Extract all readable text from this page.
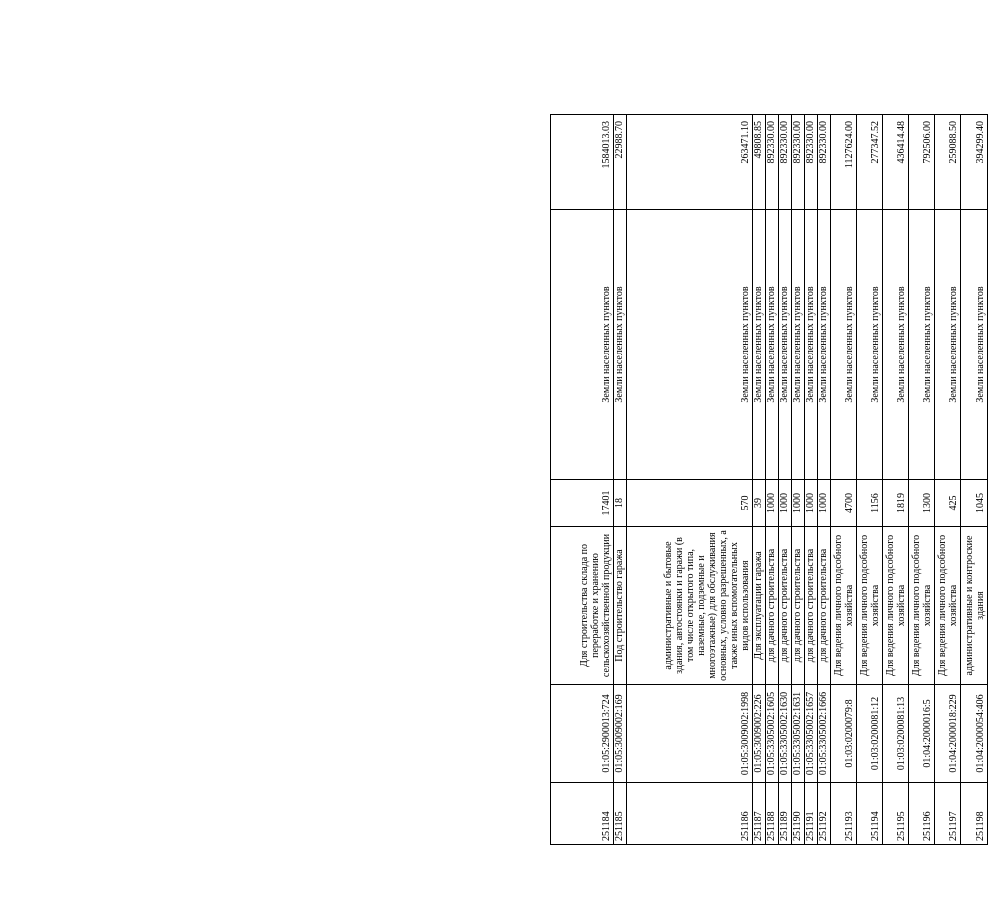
251184	01:05:2900013:724	Для строительства склада по переработке и хранению сельскохозяйственной продукции	17401	Земли населенных пунктов	1584013.03
251185	01:05:3009002:169	Под строительство гаража	18	Земли населенных пунктов	22988.70
251186	01:05:3009002:1998	административные и бытовые здания, автостоянки и гаражи (в том числе открытого типа, наземные, подземные и многоэтажные) для обслуживания основных, условно разрешенных, а также иных вспомогательных видов использования	570	Земли населенных пунктов	263471.10
251187	01:05:3009002:226	Для эксплуатации гаража	39	Земли населенных пунктов	49808.85
251188	01:05:3305002:1605	для дачного строительства	1000	Земли населенных пунктов	892330.00
251189	01:05:3305002:1630	для дачного строительства	1000	Земли населенных пунктов	892330.00
251190	01:05:3305002:1631	для дачного строительства	1000	Земли населенных пунктов	892330.00
251191	01:05:3305002:1657	для дачного строительства	1000	Земли населенных пунктов	892330.00
251192	01:05:3305002:1666	для дачного строительства	1000	Земли населенных пунктов	892330.00
251193	01:03:0200079:8	Для ведения личного подсобного хозяйства	4700	Земли населенных пунктов	1127624.00
251194	01:03:0200081:12	Для ведения личного подсобного хозяйства	1156	Земли населенных пунктов	277347.52
251195	01:03:0200081:13	Для ведения личного подсобного хозяйства	1819	Земли населенных пунктов	436414.48
251196	01:04:2000016:5	Для ведения личного подсобного хозяйства	1300	Земли населенных пунктов	792506.00
251197	01:04:2000018:229	Для ведения личного подсобного хозяйства	425	Земли населенных пунктов	259088.50
251198	01:04:2000054:406	административные и контроские здания	1045	Земли населенных пунктов	394299.40
